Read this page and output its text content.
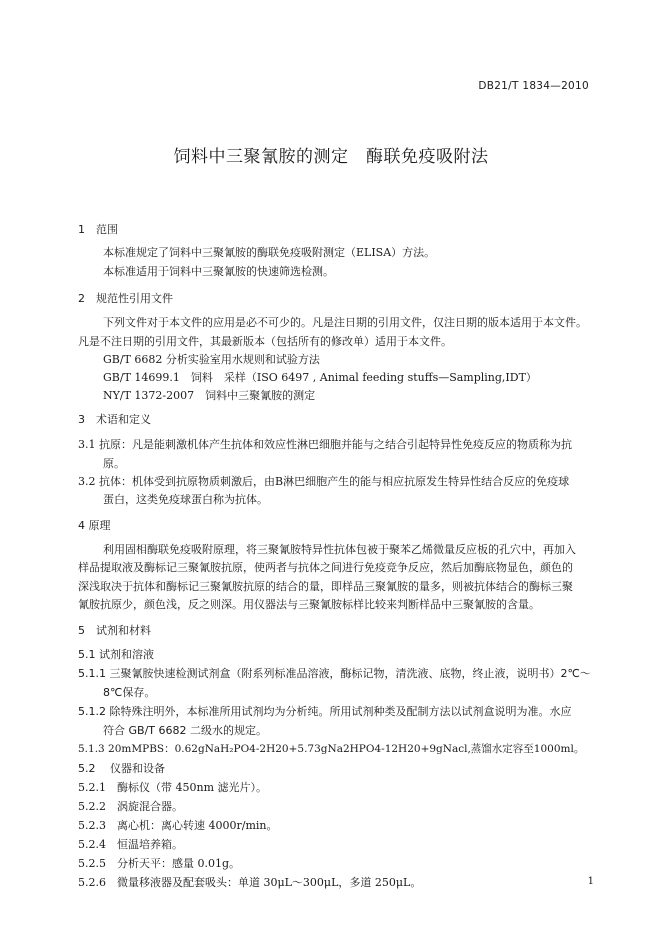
DB21/T 1834—2010
饲料中三聚氰胺的测定　酶联免疫吸附法
1　范围
本标准规定了饲料中三聚氰胺的酶联免疫吸附测定（ELISA）方法。
本标准适用于饲料中三聚氰胺的快速筛选检测。
2　规范性引用文件
下列文件对于本文件的应用是必不可少的。凡是注日期的引用文件，仅注日期的版本适用于本文件。
凡是不注日期的引用文件，其最新版本（包括所有的修改单）适用于本文件。
GB/T 6682 分析实验室用水规则和试验方法
GB/T 14699.1　饲料　采样（ISO 6497 , Animal feeding stuffs—Sampling,IDT）
NY/T 1372-2007　饲料中三聚氰胺的测定
3　术语和定义
3.1 抗原：凡是能刺激机体产生抗体和效应性淋巴细胞并能与之结合引起特异性免疫反应的物质称为抗
原。
3.2 抗体：机体受到抗原物质刺激后，由B淋巴细胞产生的能与相应抗原发生特异性结合反应的免疫球
蛋白，这类免疫球蛋白称为抗体。
4 原理
利用固相酶联免疫吸附原理，将三聚氰胺特异性抗体包被于聚苯乙烯微量反应板的孔穴中，再加入
样品提取液及酶标记三聚氰胺抗原，使两者与抗体之间进行免疫竞争反应，然后加酶底物显色，颜色的
深浅取决于抗体和酶标记三聚氰胺抗原的结合的量，即样品三聚氰胺的量多，则被抗体结合的酶标三聚
氰胺抗原少，颜色浅，反之则深。用仪器法与三聚氰胺标样比较来判断样品中三聚氰胺的含量。
5　试剂和材料
5.1 试剂和溶液
5.1.1 三聚氰胺快速检测试剂盒（附系列标准品溶液，酶标记物，清洗液、底物，终止液，说明书）2℃～
8℃保存。
5.1.2 除特殊注明外，本标准所用试剂均为分析纯。所用试剂种类及配制方法以试剂盒说明为准。水应
符合 GB/T 6682 二级水的规定。
5.1.3 20mMPBS：0.62gNaH₂PO4-2H20+5.73gNa2HPO4-12H20+9gNacl,蒸馏水定容至1000ml。
5.2　 仪器和设备
5.2.1　酶标仪（带 450nm 滤光片）。
5.2.2　涡旋混合器。
5.2.3　离心机：离心转速 4000r/min。
5.2.4　恒温培养箱。
5.2.5　分析天平：感量 0.01g。
5.2.6　微量移液器及配套吸头：单道 30μL～300μL，多道 250μL。	1
